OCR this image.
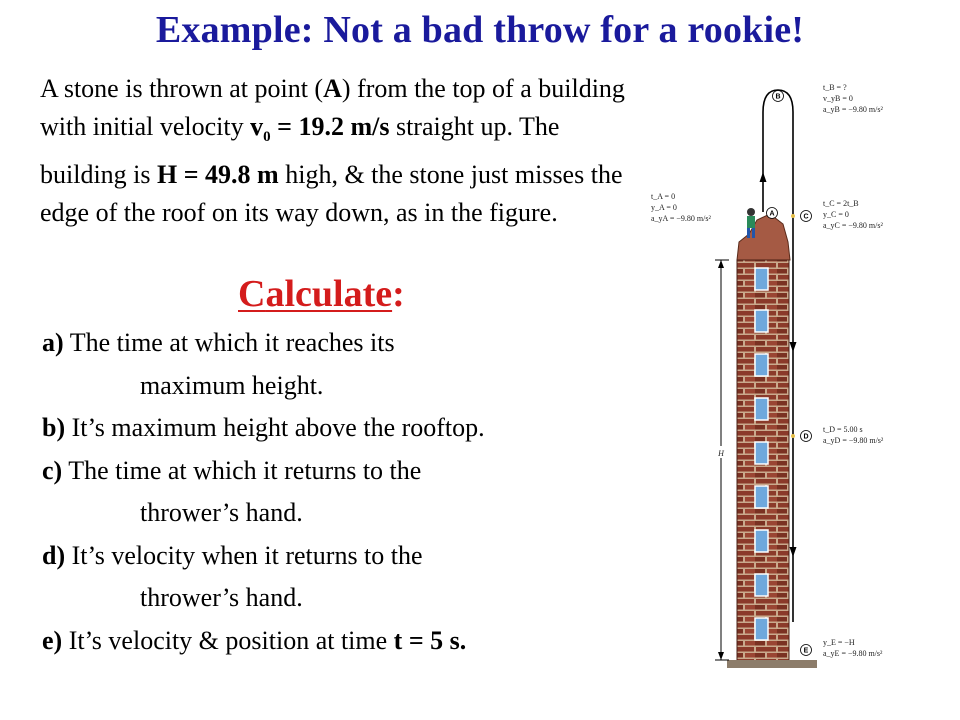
Example: Not a bad throw for a rookie!
A stone is thrown at point (A) from the top of a building with initial velocity $v_0 = 19.2$ m/s straight up. The building is H = 49.8 m high, & the stone just misses the edge of the roof on its way down, as in the figure.
Calculate:
a) The time at which it reaches its
maximum height.
b) It’s maximum height above the rooftop.
c) The time at which it returns to the
thrower’s hand.
d) It’s velocity when it returns to the
thrower’s hand.
e) It’s velocity & position at time t = 5 s.
H
B
A	C
D
E
t_B = ?
v_yB = 0
a_yB = −9.80 m/s²
t_A = 0
y_A = 0
a_yA = −9.80 m/s²
t_C = 2t_B
y_C = 0
a_yC = −9.80 m/s²
t_D = 5.00 s
a_yD = −9.80 m/s²
y_E = −H
a_yE = −9.80 m/s²
